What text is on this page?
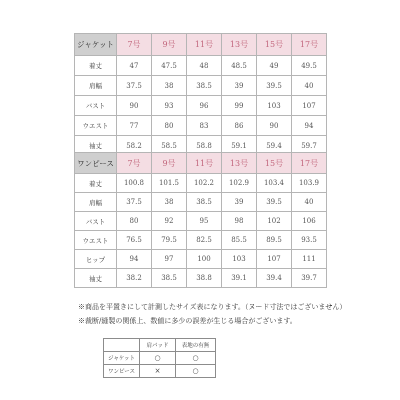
ジャケット	7号	9号	11号	13号	15号	17号
着丈	47	47.5	48	48.5	49	49.5
肩幅	37.5	38	38.5	39	39.5	40
バスト	90	93	96	99	103	107
ウエスト	77	80	83	86	90	94
袖丈	58.2	58.5	58.8	59.1	59.4	59.7
ワンピース	7号	9号	11号	13号	15号	17号
着丈	100.8	101.5	102.2	102.9	103.4	103.9
肩幅	37.5	38	38.5	39	39.5	40
バスト	80	92	95	98	102	106
ウエスト	76.5	79.5	82.5	85.5	89.5	93.5
ヒップ	94	97	100	103	107	111
袖丈	38.2	38.5	38.8	39.1	39.4	39.7
※商品を平置きにして計測したサイズ表になります。（ヌード寸法ではございません）
※裁断/縫製の関係上、数値に多少の誤差が生じる場合がございます。
	肩パッド	表地の有無
ジャケット	○	○
ワンピース	×	○
